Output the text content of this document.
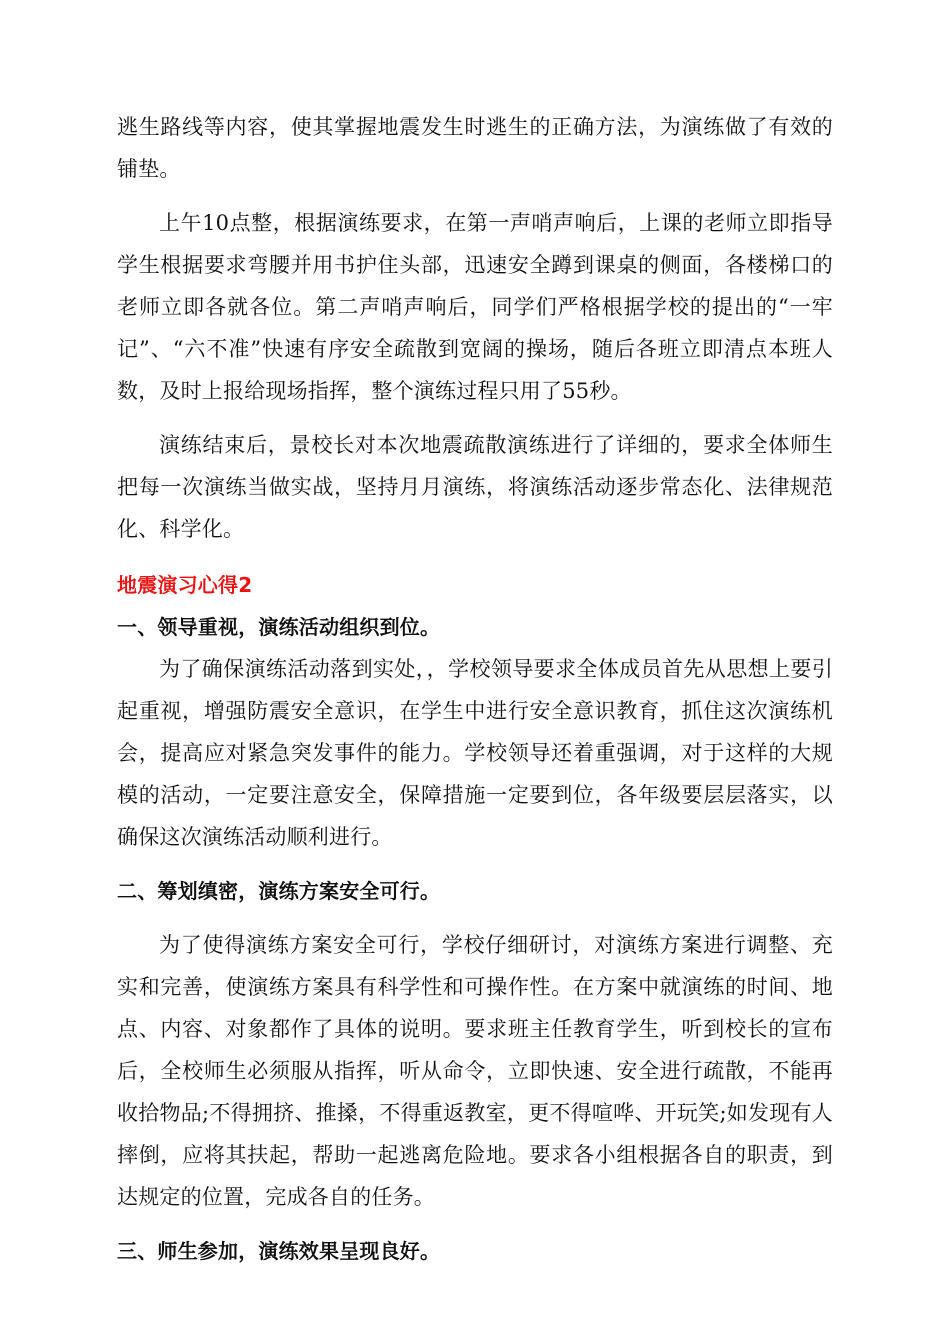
逃生路线等内容，使其掌握地震发生时逃生的正确方法，为演练做了有效的铺垫。

上午10点整，根据演练要求，在第一声哨声响后，上课的老师立即指导学生根据要求弯腰并用书护住头部，迅速安全蹲到课桌的侧面，各楼梯口的老师立即各就各位。第二声哨声响后，同学们严格根据学校的提出的“一牢记”、“六不准”快速有序安全疏散到宽阔的操场，随后各班立即清点本班人数，及时上报给现场指挥，整个演练过程只用了55秒。

演练结束后，景校长对本次地震疏散演练进行了详细的，要求全体师生把每一次演练当做实战，坚持月月演练，将演练活动逐步常态化、法律规范化、科学化。

地震演习心得2

一、领导重视，演练活动组织到位。

为了确保演练活动落到实处，，学校领导要求全体成员首先从思想上要引起重视，增强防震安全意识，在学生中进行安全意识教育，抓住这次演练机会，提高应对紧急突发事件的能力。学校领导还着重强调，对于这样的大规模的活动，一定要注意安全，保障措施一定要到位，各年级要层层落实，以确保这次演练活动顺利进行。

二、筹划缜密，演练方案安全可行。

为了使得演练方案安全可行，学校仔细研讨，对演练方案进行调整、充实和完善，使演练方案具有科学性和可操作性。在方案中就演练的时间、地点、内容、对象都作了具体的说明。要求班主任教育学生，听到校长的宣布后，全校师生必须服从指挥，听从命令，立即快速、安全进行疏散，不能再收拾物品;不得拥挤、推搡，不得重返教室，更不得喧哗、开玩笑;如发现有人摔倒，应将其扶起，帮助一起逃离危险地。要求各小组根据各自的职责，到达规定的位置，完成各自的任务。

三、师生参加，演练效果呈现良好。
